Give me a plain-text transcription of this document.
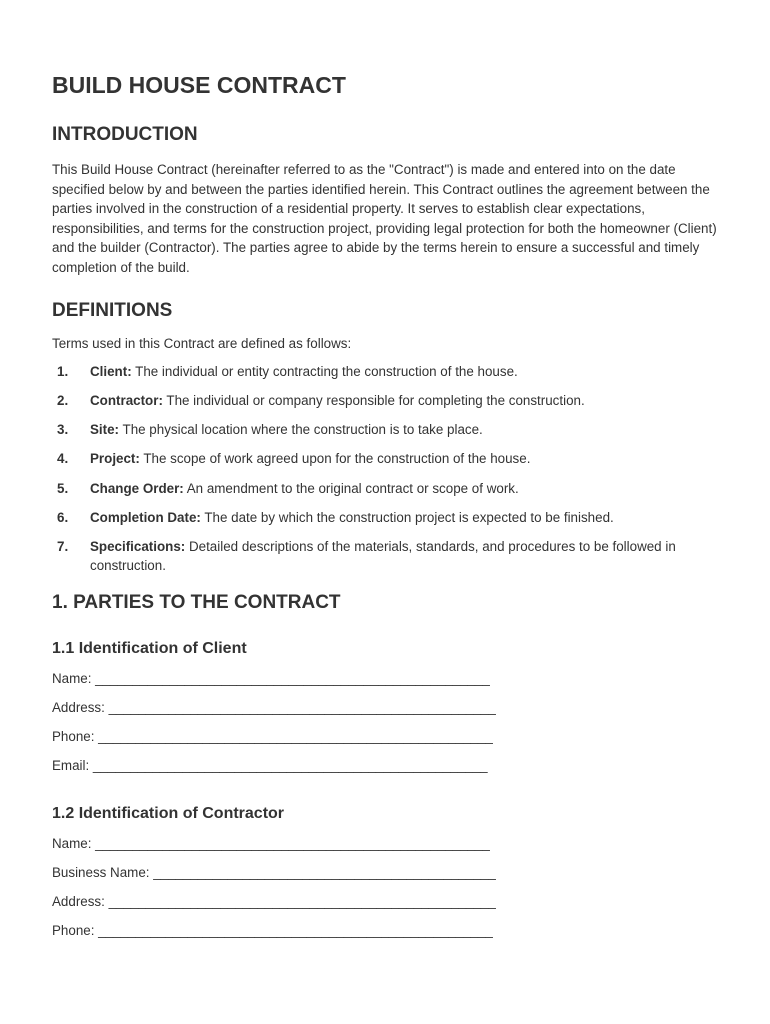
BUILD HOUSE CONTRACT
INTRODUCTION

This Build House Contract (hereinafter referred to as the "Contract") is made and entered into on the date specified below by and between the parties identified herein. This Contract outlines the agreement between the parties involved in the construction of a residential property. It serves to establish clear expectations, responsibilities, and terms for the construction project, providing legal protection for both the homeowner (Client) and the builder (Contractor). The parties agree to abide by the terms herein to ensure a successful and timely completion of the build.

DEFINITIONS

Terms used in this Contract are defined as follows:

1. Client: The individual or entity contracting the construction of the house.
2. Contractor: The individual or company responsible for completing the construction.
3. Site: The physical location where the construction is to take place.
4. Project: The scope of work agreed upon for the construction of the house.
5. Change Order: An amendment to the original contract or scope of work.
6. Completion Date: The date by which the construction project is expected to be finished.
7. Specifications: Detailed descriptions of the materials, standards, and procedures to be followed in construction.
1. PARTIES TO THE CONTRACT
1.1 Identification of Client
Name: _____________________________________________________
Address: ____________________________________________________
Phone: _____________________________________________________
Email: _____________________________________________________
1.2 Identification of Contractor
Name: _____________________________________________________
Business Name: ______________________________________________
Address: ____________________________________________________
Phone: _____________________________________________________
